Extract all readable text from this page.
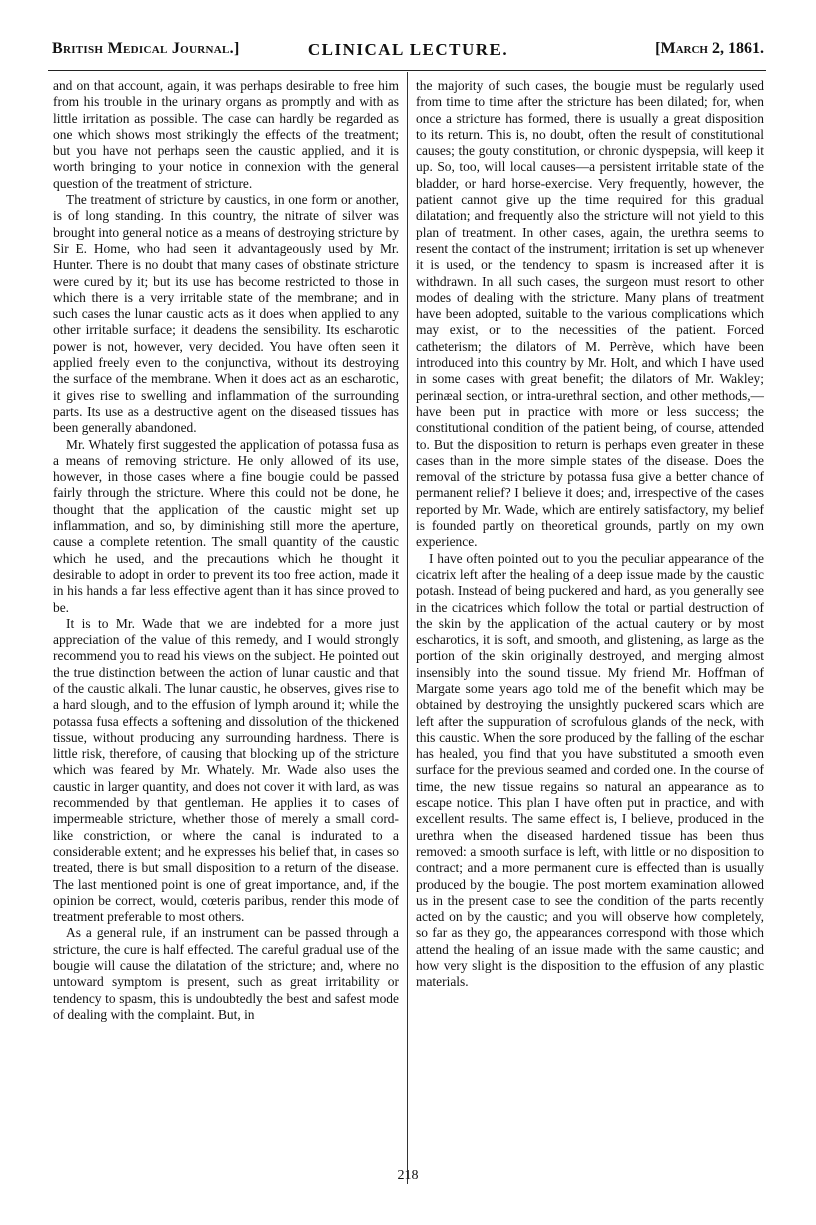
British Medical Journal.]	CLINICAL LECTURE.	[March 2, 1861.

and on that account, again, it was perhaps desirable to free him from his trouble in the urinary organs as promptly and with as little irritation as possible. The case can hardly be regarded as one which shows most strikingly the effects of the treatment; but you have not perhaps seen the caustic applied, and it is worth bringing to your notice in connexion with the general question of the treatment of stricture.

The treatment of stricture by caustics, in one form or another, is of long standing. In this country, the nitrate of silver was brought into general notice as a means of destroying stricture by Sir E. Home, who had seen it advantageously used by Mr. Hunter. There is no doubt that many cases of obstinate stricture were cured by it; but its use has become restricted to those in which there is a very irritable state of the membrane; and in such cases the lunar caustic acts as it does when applied to any other irritable surface; it deadens the sensibility. Its escharotic power is not, however, very decided. You have often seen it applied freely even to the conjunctiva, without its destroying the surface of the membrane. When it does act as an escharotic, it gives rise to swelling and inflammation of the surrounding parts. Its use as a destructive agent on the diseased tissues has been generally abandoned.

Mr. Whately first suggested the application of potassa fusa as a means of removing stricture. He only allowed of its use, however, in those cases where a fine bougie could be passed fairly through the stricture. Where this could not be done, he thought that the application of the caustic might set up inflammation, and so, by diminishing still more the aperture, cause a complete retention. The small quantity of the caustic which he used, and the precautions which he thought it desirable to adopt in order to prevent its too free action, made it in his hands a far less effective agent than it has since proved to be.

It is to Mr. Wade that we are indebted for a more just appreciation of the value of this remedy, and I would strongly recommend you to read his views on the subject. He pointed out the true distinction between the action of lunar caustic and that of the caustic alkali. The lunar caustic, he observes, gives rise to a hard slough, and to the effusion of lymph around it; while the potassa fusa effects a softening and dissolution of the thickened tissue, without producing any surrounding hardness. There is little risk, therefore, of causing that blocking up of the stricture which was feared by Mr. Whately. Mr. Wade also uses the caustic in larger quantity, and does not cover it with lard, as was recommended by that gentleman. He applies it to cases of impermeable stricture, whether those of merely a small cord-like constriction, or where the canal is indurated to a considerable extent; and he expresses his belief that, in cases so treated, there is but small disposition to a return of the disease. The last mentioned point is one of great importance, and, if the opinion be correct, would, cœteris paribus, render this mode of treatment preferable to most others.

As a general rule, if an instrument can be passed through a stricture, the cure is half effected. The careful gradual use of the bougie will cause the dilatation of the stricture; and, where no untoward symptom is present, such as great irritability or tendency to spasm, this is undoubtedly the best and safest mode of dealing with the complaint. But, in

the majority of such cases, the bougie must be regularly used from time to time after the stricture has been dilated; for, when once a stricture has formed, there is usually a great disposition to its return. This is, no doubt, often the result of constitutional causes; the gouty constitution, or chronic dyspepsia, will keep it up. So, too, will local causes—a persistent irritable state of the bladder, or hard horse-exercise. Very frequently, however, the patient cannot give up the time required for this gradual dilatation; and frequently also the stricture will not yield to this plan of treatment. In other cases, again, the urethra seems to resent the contact of the instrument; irritation is set up whenever it is used, or the tendency to spasm is increased after it is withdrawn. In all such cases, the surgeon must resort to other modes of dealing with the stricture. Many plans of treatment have been adopted, suitable to the various complications which may exist, or to the necessities of the patient. Forced catheterism; the dilators of M. Perrève, which have been introduced into this country by Mr. Holt, and which I have used in some cases with great benefit; the dilators of Mr. Wakley; perinæal section, or intra-urethral section, and other methods,—have been put in practice with more or less success; the constitutional condition of the patient being, of course, attended to. But the disposition to return is perhaps even greater in these cases than in the more simple states of the disease. Does the removal of the stricture by potassa fusa give a better chance of permanent relief? I believe it does; and, irrespective of the cases reported by Mr. Wade, which are entirely satisfactory, my belief is founded partly on theoretical grounds, partly on my own experience.

I have often pointed out to you the peculiar appearance of the cicatrix left after the healing of a deep issue made by the caustic potash. Instead of being puckered and hard, as you generally see in the cicatrices which follow the total or partial destruction of the skin by the application of the actual cautery or by most escharotics, it is soft, and smooth, and glistening, as large as the portion of the skin originally destroyed, and merging almost insensibly into the sound tissue. My friend Mr. Hoffman of Margate some years ago told me of the benefit which may be obtained by destroying the unsightly puckered scars which are left after the suppuration of scrofulous glands of the neck, with this caustic. When the sore produced by the falling of the eschar has healed, you find that you have substituted a smooth even surface for the previous seamed and corded one. In the course of time, the new tissue regains so natural an appearance as to escape notice. This plan I have often put in practice, and with excellent results. The same effect is, I believe, produced in the urethra when the diseased hardened tissue has been thus removed: a smooth surface is left, with little or no disposition to contract; and a more permanent cure is effected than is usually produced by the bougie. The post mortem examination allowed us in the present case to see the condition of the parts recently acted on by the caustic; and you will observe how completely, so far as they go, the appearances correspond with those which attend the healing of an issue made with the same caustic; and how very slight is the disposition to the effusion of any plastic materials.

218
